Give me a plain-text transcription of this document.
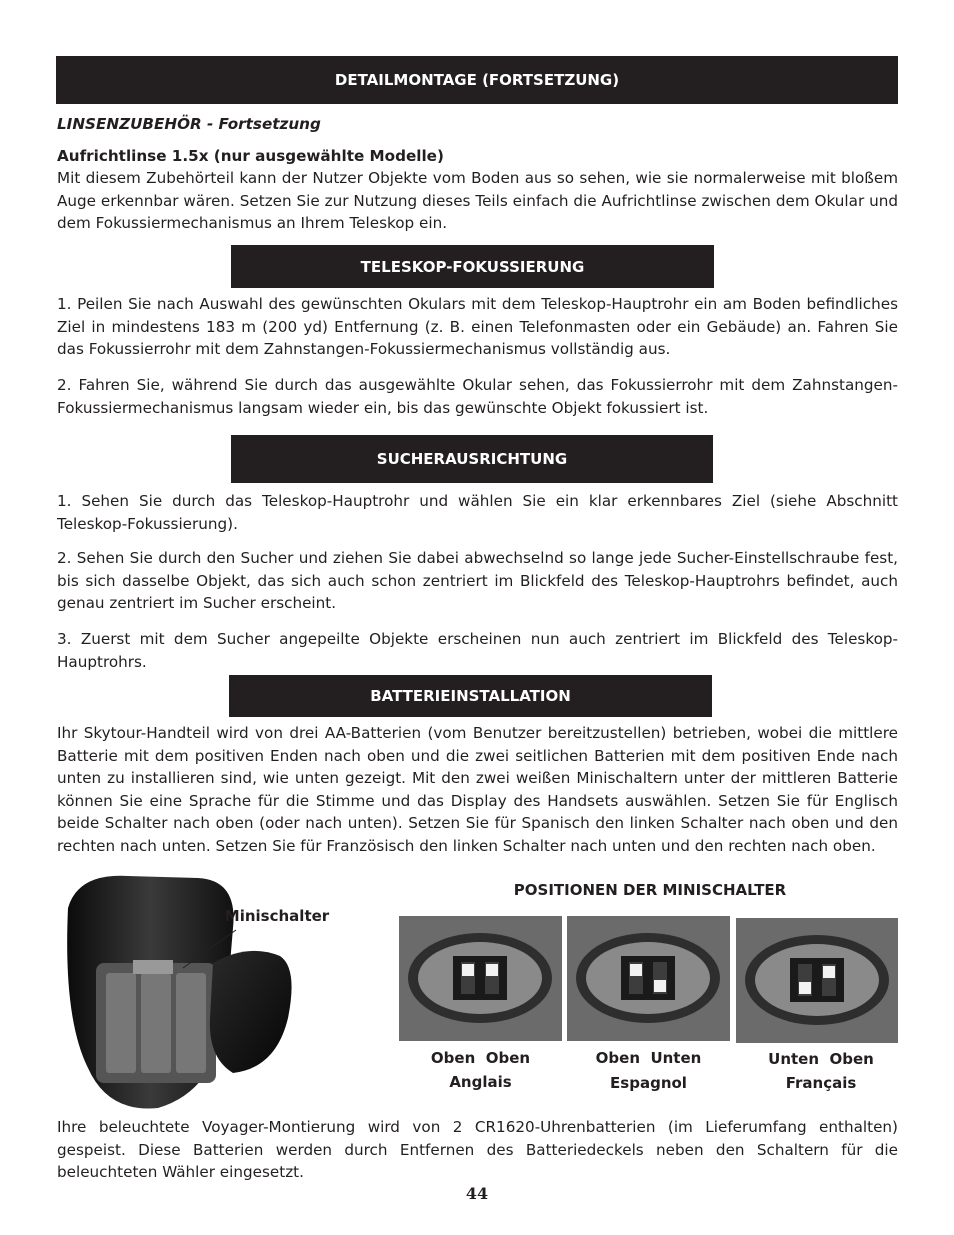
DETAILMONTAGE (FORTSETZUNG)
LINSENZUBEHÖR - Fortsetzung
Aufrichtlinse 1.5x (nur ausgewählte Modelle)

Mit diesem Zubehörteil kann der Nutzer Objekte vom Boden aus so sehen, wie sie normalerweise mit bloßem Auge erkennbar wären. Setzen Sie zur Nutzung dieses Teils einfach die Aufrichtlinse zwischen dem Okular und dem Fokussiermechanismus an Ihrem Teleskop ein.

TELESKOP-FOKUSSIERUNG

1. Peilen Sie nach Auswahl des gewünschten Okulars mit dem Teleskop-Hauptrohr ein am Boden befindliches Ziel in mindestens 183 m (200 yd) Entfernung (z. B. einen Telefonmasten oder ein Gebäude) an. Fahren Sie das Fokussierrohr mit dem Zahnstangen-Fokussiermechanismus vollständig aus.

2. Fahren Sie, während Sie durch das ausgewählte Okular sehen, das Fokussierrohr mit dem Zahnstangen-Fokussiermechanismus langsam wieder ein, bis das gewünschte Objekt fokussiert ist.

SUCHERAUSRICHTUNG

1. Sehen Sie durch das Teleskop-Hauptrohr und wählen Sie ein klar erkennbares Ziel (siehe Abschnitt Teleskop-Fokussierung).

2. Sehen Sie durch den Sucher und ziehen Sie dabei abwechselnd so lange jede Sucher-Einstellschraube fest, bis sich dasselbe Objekt, das sich auch schon zentriert im Blickfeld des Teleskop-Hauptrohrs befindet, auch genau zentriert im Sucher erscheint.

3. Zuerst mit dem Sucher angepeilte Objekte erscheinen nun auch zentriert im Blickfeld des Teleskop-Hauptrohrs.

BATTERIEINSTALLATION

Ihr Skytour-Handteil wird von drei AA-Batterien (vom Benutzer bereitzustellen) betrieben, wobei die mittlere Batterie mit dem positiven Enden nach oben und die zwei seitlichen Batterien mit dem positiven Ende nach unten zu installieren sind, wie unten gezeigt. Mit den zwei weißen Minischaltern unter der mittleren Batterie können Sie eine Sprache für die Stimme und das Display des Handsets auswählen. Setzen Sie für Englisch beide Schalter nach oben (oder nach unten). Setzen Sie für Spanisch den linken Schalter nach oben und den rechten nach unten. Setzen Sie für Französisch den linken Schalter nach unten und den rechten nach oben.

Minischalter
POSITIONEN DER MINISCHALTER
Oben  Oben
Anglais
Oben  Unten
Espagnol
Unten  Oben
Français

Ihre beleuchtete Voyager-Montierung wird von 2 CR1620-Uhrenbatterien (im Lieferumfang enthalten) gespeist. Diese Batterien werden durch Entfernen des Batteriedeckels neben den Schaltern für die beleuchteten Wähler eingesetzt.

44
